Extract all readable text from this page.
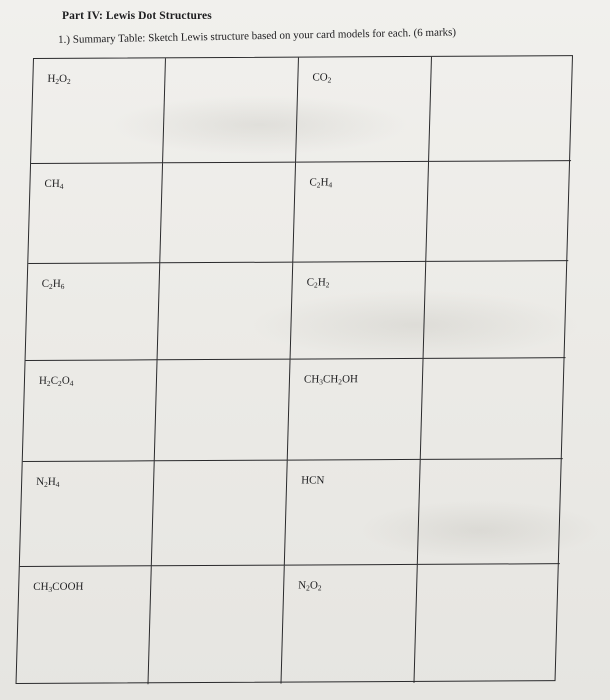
Part IV: Lewis Dot Structures
1.) Summary Table: Sketch Lewis structure based on your card models for each. (6 marks)
$H_2O_2$	$CO_2$
$CH_4$	$C_2H_4$
$C_2H_6$	$C_2H_2$
$H_2C_2O_4$	$CH_3CH_2OH$
$N_2H_4$	HCN
$CH_3COOH$	$N_2O_2$
